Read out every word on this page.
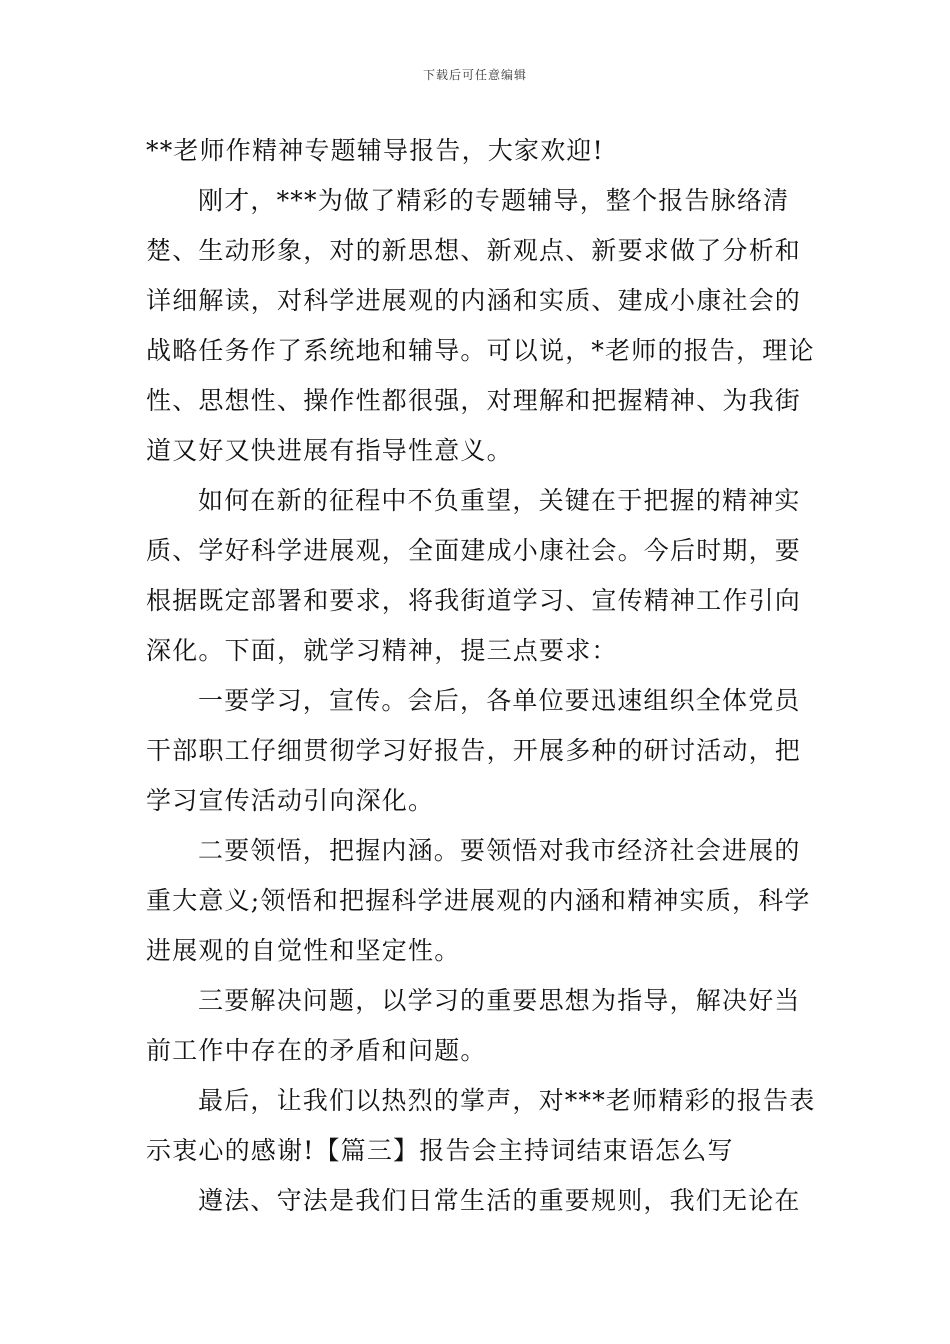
下载后可任意编辑

**老师作精神专题辅导报告，大家欢迎!

刚才，***为做了精彩的专题辅导，整个报告脉络清楚、生动形象，对的新思想、新观点、新要求做了分析和详细解读，对科学进展观的内涵和实质、建成小康社会的战略任务作了系统地和辅导。可以说，*老师的报告，理论性、思想性、操作性都很强，对理解和把握精神、为我街道又好又快进展有指导性意义。

如何在新的征程中不负重望，关键在于把握的精神实质、学好科学进展观，全面建成小康社会。今后时期，要根据既定部署和要求，将我街道学习、宣传精神工作引向深化。下面，就学习精神，提三点要求：

一要学习，宣传。会后，各单位要迅速组织全体党员干部职工仔细贯彻学习好报告，开展多种的研讨活动，把学习宣传活动引向深化。

二要领悟，把握内涵。要领悟对我市经济社会进展的重大意义;领悟和把握科学进展观的内涵和精神实质，科学进展观的自觉性和坚定性。

三要解决问题，以学习的重要思想为指导，解决好当前工作中存在的矛盾和问题。

最后，让我们以热烈的掌声，对***老师精彩的报告表示衷心的感谢!【篇三】报告会主持词结束语怎么写

遵法、守法是我们日常生活的重要规则，我们无论在
